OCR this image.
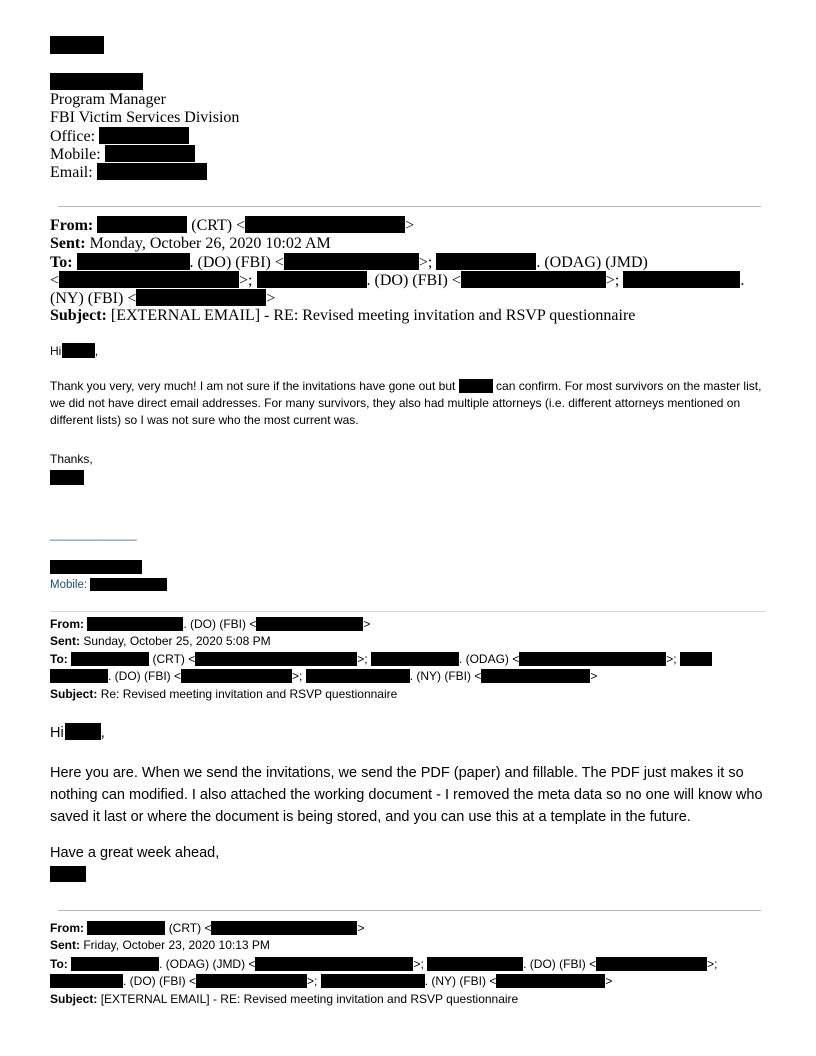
Program Manager
FBI Victim Services Division
Office:
Mobile:
Email:
From:	(CRT) <	>
Sent: Monday, October 26, 2020 10:02 AM
To:	. (DO) (FBI) <	>;	. (ODAG) (JMD)
<	>;	. (DO) (FBI) <	>;	.
(NY) (FBI) <	>
Subject: [EXTERNAL EMAIL] - RE: Revised meeting invitation and RSVP questionnaire
Hi	,
Thank you very, very much! I am not sure if the invitations have gone out but	can confirm. For most survivors on the master list, we did not have direct email addresses. For many survivors, they also had multiple attorneys (i.e. different attorneys mentioned on different lists) so I was not sure who the most current was.
Thanks,
_____________
Mobile:
From:	. (DO) (FBI) <	>
Sent: Sunday, October 25, 2020 5:08 PM
To:	(CRT) <	>;	. (ODAG) <	>;
. (DO) (FBI) <	>;	. (NY) (FBI) <	>
Subject: Re: Revised meeting invitation and RSVP questionnaire
Hi	,
Here you are. When we send the invitations, we send the PDF (paper) and fillable. The PDF just makes it so nothing can modified. I also attached the working document - I removed the meta data so no one will know who saved it last or where the document is being stored, and you can use this at a template in the future.
Have a great week ahead,
From:	(CRT) <	>
Sent: Friday, October 23, 2020 10:13 PM
To:	. (ODAG) (JMD) <	>;	. (DO) (FBI) <	>;
. (DO) (FBI) <	>;	. (NY) (FBI) <	>
Subject: [EXTERNAL EMAIL] - RE: Revised meeting invitation and RSVP questionnaire
